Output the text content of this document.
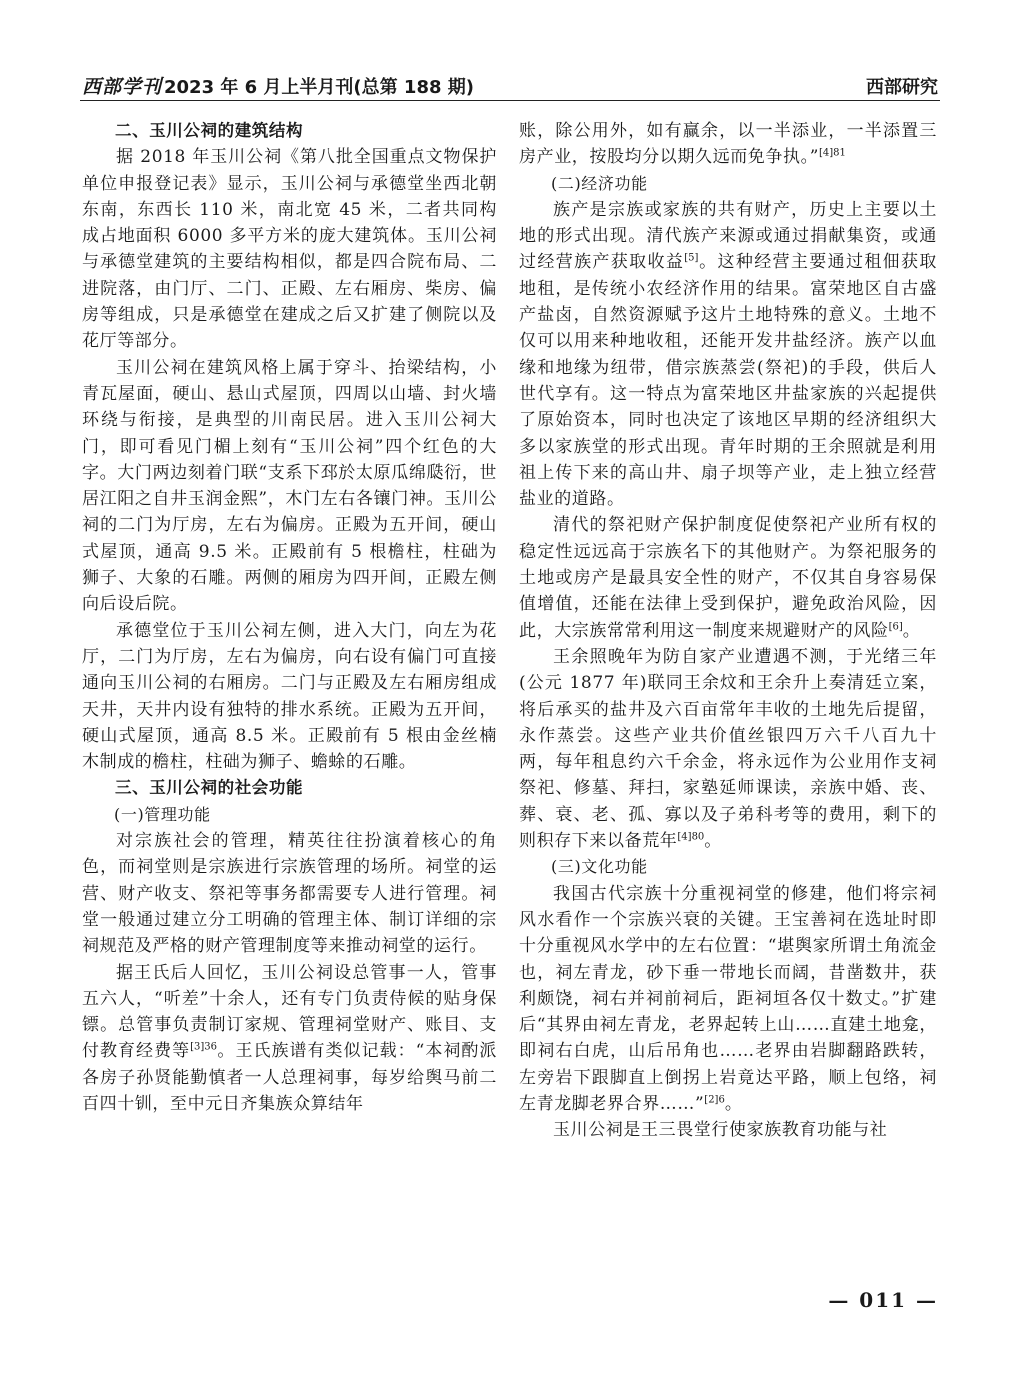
西部学刊 2023 年 6 月上半月刊(总第 188 期)	西部研究
二、玉川公祠的建筑结构

据 2018 年玉川公祠《第八批全国重点文物保护单位申报登记表》显示，玉川公祠与承德堂坐西北朝东南，东西长 110 米，南北宽 45 米，二者共同构成占地面积 6000 多平方米的庞大建筑体。玉川公祠与承德堂建筑的主要结构相似，都是四合院布局、二进院落，由门厅、二门、正殿、左右厢房、柴房、偏房等组成，只是承德堂在建成之后又扩建了侧院以及花厅等部分。

玉川公祠在建筑风格上属于穿斗、抬梁结构，小青瓦屋面，硬山、悬山式屋顶，四周以山墙、封火墙环绕与衔接，是典型的川南民居。进入玉川公祠大门，即可看见门楣上刻有“玉川公祠”四个红色的大字。大门两边刻着门联“支系下邳於太原瓜绵瓞衍，世居江阳之自井玉润金熙”，木门左右各镶门神。玉川公祠的二门为厅房，左右为偏房。正殿为五开间，硬山式屋顶，通高 9.5 米。正殿前有 5 根檐柱，柱础为狮子、大象的石雕。两侧的厢房为四开间，正殿左侧向后设后院。

承德堂位于玉川公祠左侧，进入大门，向左为花厅，二门为厅房，左右为偏房，向右设有偏门可直接通向玉川公祠的右厢房。二门与正殿及左右厢房组成天井，天井内设有独特的排水系统。正殿为五开间，硬山式屋顶，通高 8.5 米。正殿前有 5 根由金丝楠木制成的檐柱，柱础为狮子、蟾蜍的石雕。

三、玉川公祠的社会功能

(一)管理功能

对宗族社会的管理，精英往往扮演着核心的角色，而祠堂则是宗族进行宗族管理的场所。祠堂的运营、财产收支、祭祀等事务都需要专人进行管理。祠堂一般通过建立分工明确的管理主体、制订详细的宗祠规范及严格的财产管理制度等来推动祠堂的运行。

据王氏后人回忆，玉川公祠设总管事一人，管事五六人，“听差”十余人，还有专门负责侍候的贴身保镖。总管事负责制订家规、管理祠堂财产、账目、支付教育经费等$^{[3]36}$。王氏族谱有类似记载：“本祠酌派各房子孙贤能勤慎者一人总理祠事，每岁给舆马前二百四十钏，至中元日齐集族众算结年

账，除公用外，如有赢余，以一半添业，一半添置三房产业，按股均分以期久远而免争执。”$^{[4]81}$

(二)经济功能

族产是宗族或家族的共有财产，历史上主要以土地的形式出现。清代族产来源或通过捐献集资，或通过经营族产获取收益[5]。这种经营主要通过租佃获取地租，是传统小农经济作用的结果。富荣地区自古盛产盐卤，自然资源赋予这片土地特殊的意义。土地不仅可以用来种地收租，还能开发井盐经济。族产以血缘和地缘为纽带，借宗族蒸尝(祭祀)的手段，供后人世代享有。这一特点为富荣地区井盐家族的兴起提供了原始资本，同时也决定了该地区早期的经济组织大多以家族堂的形式出现。青年时期的王余照就是利用祖上传下来的高山井、扇子坝等产业，走上独立经营盐业的道路。

清代的祭祀财产保护制度促使祭祀产业所有权的稳定性远远高于宗族名下的其他财产。为祭祀服务的土地或房产是最具安全性的财产，不仅其自身容易保值增值，还能在法律上受到保护，避免政治风险，因此，大宗族常常利用这一制度来规避财产的风险[6]。

王余照晚年为防自家产业遭遇不测，于光绪三年(公元 1877 年)联同王余炆和王余升上奏清廷立案，将后承买的盐井及六百亩常年丰收的土地先后提留，永作蒸尝。这些产业共价值丝银四万六千八百九十两，每年租息约六千余金，将永远作为公业用作支祠祭祀、修墓、拜扫，家塾延师课读，亲族中婚、丧、葬、衰、老、孤、寡以及子弟科考等的费用，剩下的则积存下来以备荒年$^{[4]80}$。

(三)文化功能

我国古代宗族十分重视祠堂的修建，他们将宗祠风水看作一个宗族兴衰的关键。王宝善祠在选址时即十分重视风水学中的左右位置：“堪舆家所谓土角流金也，祠左青龙，砂下垂一带地长而阔，昔凿数井，获利颇饶，祠右并祠前祠后，距祠垣各仅十数丈。”扩建后“其界由祠左青龙，老界起转上山……直建土地龛，即祠右白虎，山后吊角也……老界由岩脚翻路跌转，左旁岩下跟脚直上倒拐上岩竟达平路，顺上包络，祠左青龙脚老界合界……”$^{[2]6}$。

玉川公祠是王三畏堂行使家族教育功能与社

— 011 —
